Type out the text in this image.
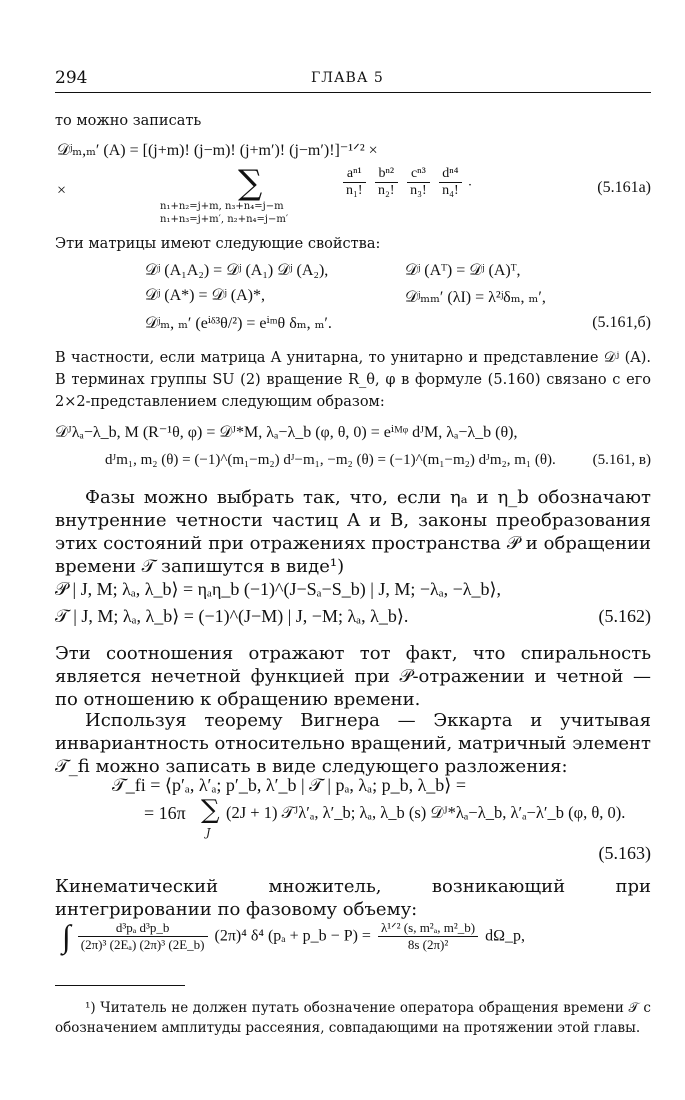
294	ГЛАВА 5
то можно записать
𝒟ʲₘ,ₘ′ (A) = [(j+m)! (j−m)! (j+m′)! (j−m′)!]⁻¹ᐟ² ×
×	∑
n₁+n₂=j+m, n₃+n₄=j−m
n₁+n₃=j+m′, n₂+n₄=j−m′
$\frac{\text{aⁿ¹}}{\text{n₁!}}$
$\frac{\text{bⁿ²}}{\text{n₂!}}$
$\frac{\text{cⁿ³}}{\text{n₃!}}$
$\frac{\text{dⁿ⁴}}{\text{n₄!}}$ .	(5.161а)
Эти матрицы имеют следующие свойства:
𝒟ʲ (A₁A₂) = 𝒟ʲ (A₁) 𝒟ʲ (A₂),	𝒟ʲ (Aᵀ) = 𝒟ʲ (A)ᵀ,
𝒟ʲ (A*) = 𝒟ʲ (A)*,	𝒟ʲₘₘ′ (λI) = λ²ʲδₘ, ₘ′,
𝒟ʲₘ, ₘ′ (eⁱᵟ³θ/²) = eⁱᵐθ δₘ, ₘ′.	(5.161,б)
В частности, если матрица A унитарна, то унитарно и представление 𝒟ʲ (A). В терминах группы SU (2) вращение R_θ, φ в формуле (5.160) связано с его 2×2-представлением следующим образом:
𝒟ᴶλₐ−λ_b, M (R⁻¹θ, φ) = 𝒟ᴶ*M, λₐ−λ_b (φ, θ, 0) = eⁱᴹᵠ dᴶM, λₐ−λ_b (θ),
dᴶm₁, m₂ (θ) = (−1)^(m₁−m₂) dᴶ−m₁, −m₂ (θ) = (−1)^(m₁−m₂) dᴶm₂, m₁ (θ). (5.161, в)
Фазы можно выбрать так, что, если ηₐ и η_b обозначают внутренние четности частиц A и B, законы преобразования этих состояний при отражениях пространства 𝒫 и обращении времени 𝒯 запишутся в виде¹)
𝒫 | J, M; λₐ, λ_b⟩ = ηₐη_b (−1)^(J−Sₐ−S_b) | J, M; −λₐ, −λ_b⟩,
𝒯 | J, M; λₐ, λ_b⟩ = (−1)^(J−M) | J, −M; λₐ, λ_b⟩.	(5.162)
Эти соотношения отражают тот факт, что спиральность является нечетной функцией при 𝒫-отражении и четной — по отношению к обращению времени.
Используя теорему Вигнера — Эккарта и учитывая инвариантность относительно вращений, матричный элемент 𝒯_fi можно записать в виде следующего разложения:
𝒯_fi = ⟨p′ₐ, λ′ₐ; p′_b, λ′_b | 𝒯 | pₐ, λₐ; p_b, λ_b⟩ =
= 16π ∑
J
(2J + 1) 𝒯ᴶλ′ₐ, λ′_b; λₐ, λ_b (s) 𝒟ᴶ*λₐ−λ_b, λ′ₐ−λ′_b (φ, θ, 0).
(5.163)
Кинематический множитель, возникающий при интегрировании по фазовому объему:
∫ $\frac{\text{d³pₐ d³p\_b}}{\text{(2π)³ (2Eₐ) (2π)³ (2E\_b)}} (2\pi)^4$ δ⁴ (pₐ + p_b − $P) = \frac{\text{λ¹ᐟ² (s, m²ₐ, m²\_b)}}{\text{8s (2π)²}}$ dΩ_p,
¹) Читатель не должен путать обозначение оператора обращения времени 𝒯 с обозначением амплитуды рассеяния, совпадающими на протяжении этой главы.
